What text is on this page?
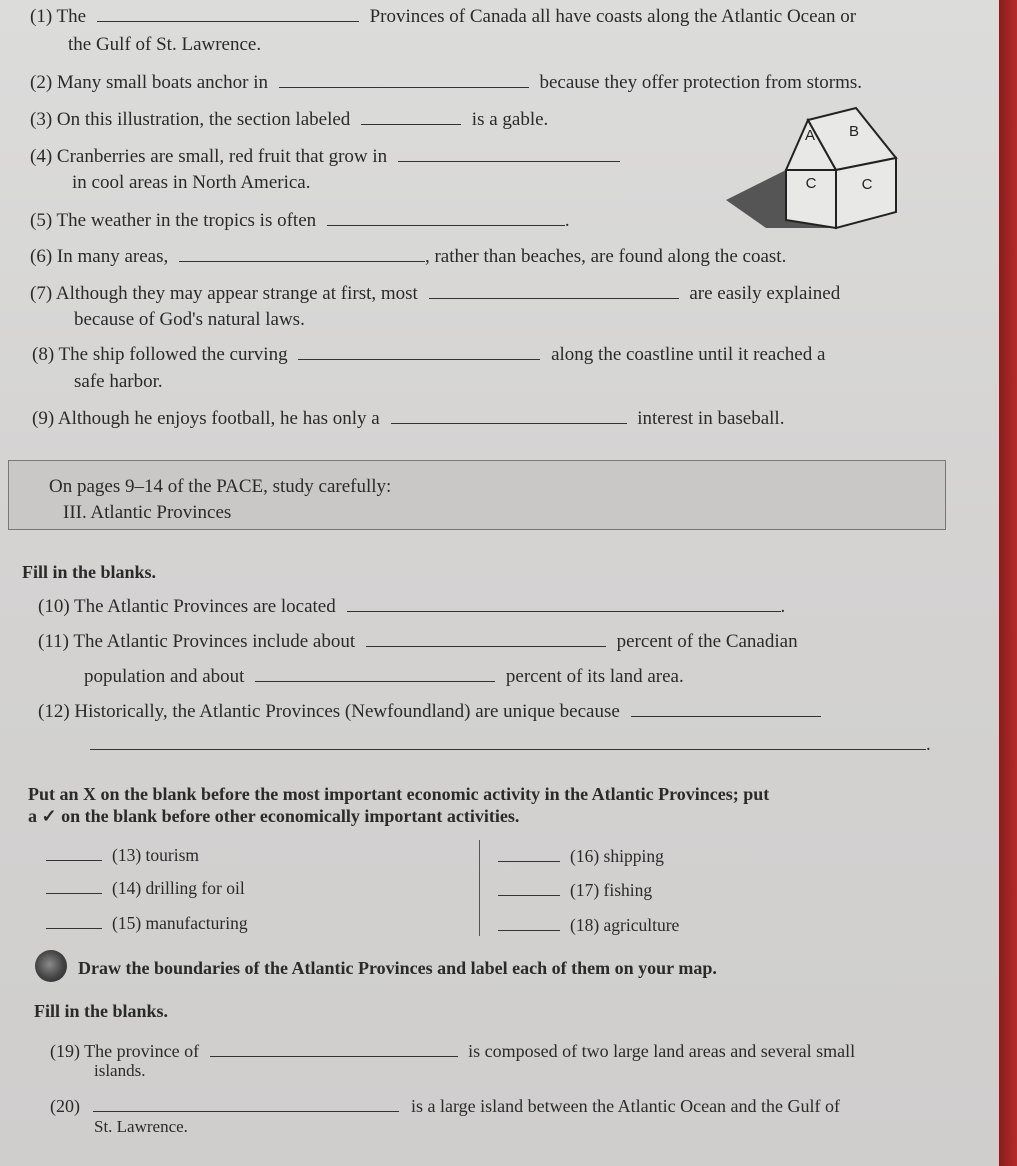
(1) The	Provinces of Canada all have coasts along the Atlantic Ocean or
the Gulf of St. Lawrence.
(2) Many small boats anchor in	because they offer protection from storms.
(3) On this illustration, the section labeled	is a gable.
(4) Cranberries are small, red fruit that grow in
in cool areas in North America.
(5) The weather in the tropics is often	.
A B
C	C
(6) In many areas,	, rather than beaches, are found along the coast.
(7) Although they may appear strange at first, most	are easily explained
because of God's natural laws.
(8) The ship followed the curving	along the coastline until it reached a
safe harbor.
(9) Although he enjoys football, he has only a	interest in baseball.
On pages 9–14 of the PACE, study carefully:
III. Atlantic Provinces
Fill in the blanks.
(10) The Atlantic Provinces are located	.
(11) The Atlantic Provinces include about	percent of the Canadian
population and about	percent of its land area.
(12) Historically, the Atlantic Provinces (Newfoundland) are unique because
.
Put an X on the blank before the most important economic activity in the Atlantic Provinces; put
a ✓ on the blank before other economically important activities.
(13) tourism
(14) drilling for oil
(15) manufacturing
(16) shipping
(17) fishing
(18) agriculture
Draw the boundaries of the Atlantic Provinces and label each of them on your map.
Fill in the blanks.
(19) The province of	is composed of two large land areas and several small
islands.
(20)	is a large island between the Atlantic Ocean and the Gulf of
St. Lawrence.
